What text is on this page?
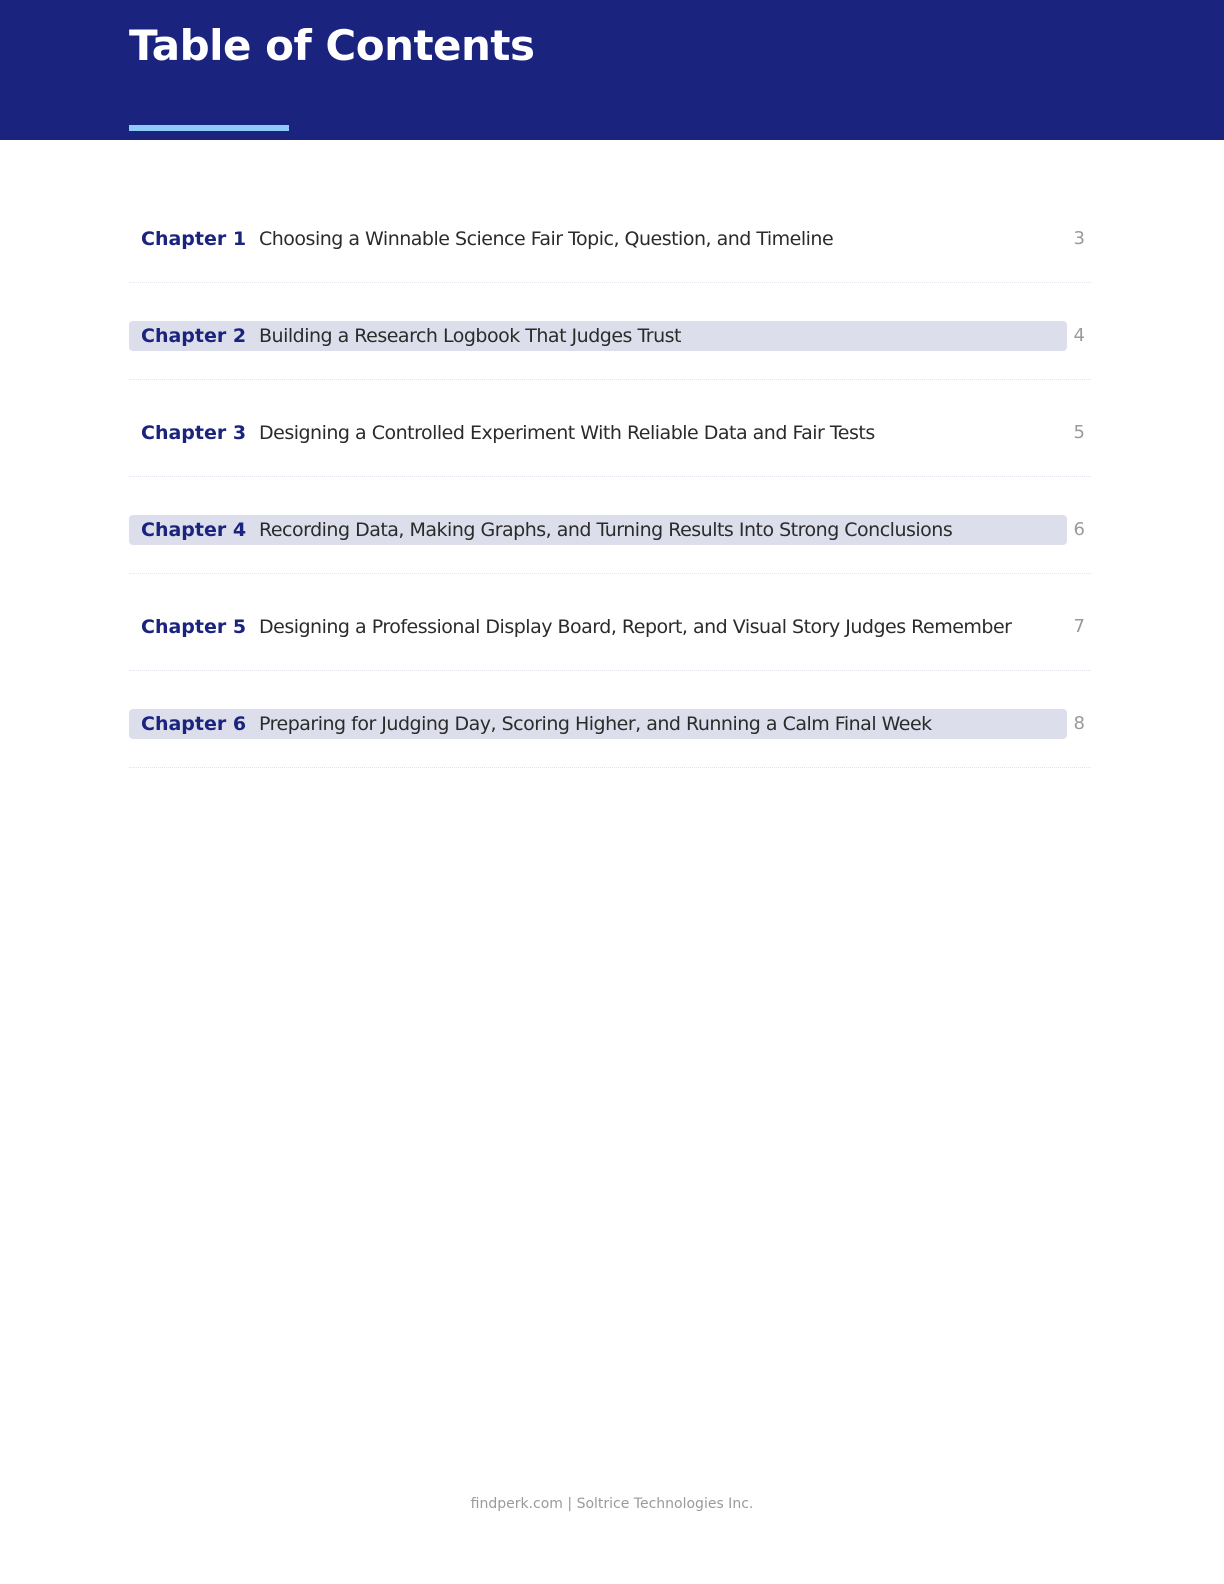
Table of Contents
Chapter 1 Choosing a Winnable Science Fair Topic, Question, and Timeline	3
Chapter 2 Building a Research Logbook That Judges Trust	4
Chapter 3 Designing a Controlled Experiment With Reliable Data and Fair Tests	5
Chapter 4 Recording Data, Making Graphs, and Turning Results Into Strong Conclusions	6
Chapter 5 Designing a Professional Display Board, Report, and Visual Story Judges Remember	7
Chapter 6 Preparing for Judging Day, Scoring Higher, and Running a Calm Final Week	8
findperk.com | Soltrice Technologies Inc.
